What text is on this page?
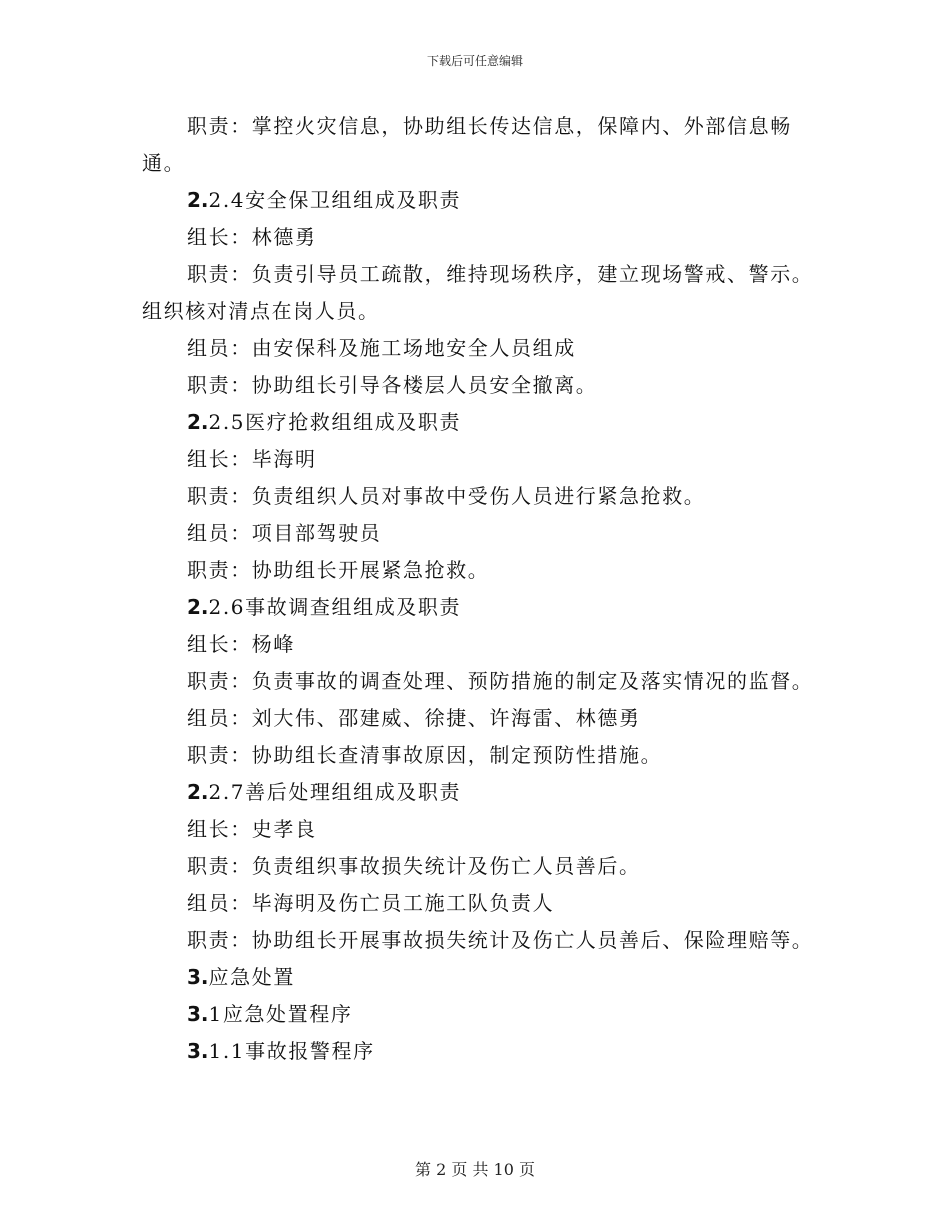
下载后可任意编辑
职责：掌控火灾信息，协助组长传达信息，保障内、外部信息畅
通。
2.2.4安全保卫组组成及职责
组长：林德勇
职责：负责引导员工疏散，维持现场秩序，建立现场警戒、警示。
组织核对清点在岗人员。
组员：由安保科及施工场地安全人员组成
职责：协助组长引导各楼层人员安全撤离。
2.2.5医疗抢救组组成及职责
组长：毕海明
职责：负责组织人员对事故中受伤人员进行紧急抢救。
组员：项目部驾驶员
职责：协助组长开展紧急抢救。
2.2.6事故调查组组成及职责
组长：杨峰
职责：负责事故的调查处理、预防措施的制定及落实情况的监督。
组员：刘大伟、邵建威、徐捷、许海雷、林德勇
职责：协助组长查清事故原因，制定预防性措施。
2.2.7善后处理组组成及职责
组长：史孝良
职责：负责组织事故损失统计及伤亡人员善后。
组员：毕海明及伤亡员工施工队负责人
职责：协助组长开展事故损失统计及伤亡人员善后、保险理赔等。
3.应急处置
3.1应急处置程序
3.1.1事故报警程序
第 2 页 共 10 页
